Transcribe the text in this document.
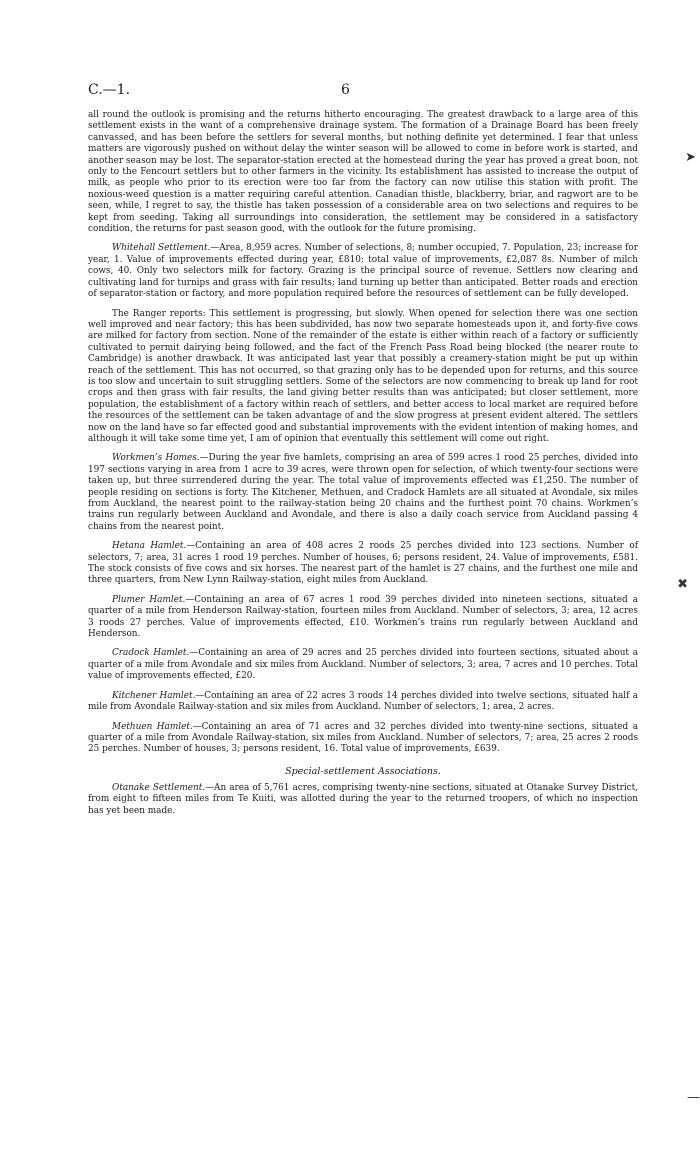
C.—1.	6

all round the outlook is promising and the returns hitherto encouraging. The greatest drawback to a large area of this settlement exists in the want of a comprehensive drainage system. The formation of a Drainage Board has been freely canvassed, and has been before the settlers for several months, but nothing definite yet determined. I fear that unless matters are vigorously pushed on without delay the winter season will be allowed to come in before work is started, and another season may be lost. The separator-station erected at the homestead during the year has proved a great boon, not only to the Fencourt settlers but to other farmers in the vicinity. Its establishment has assisted to increase the output of milk, as people who prior to its erection were too far from the factory can now utilise this station with profit. The noxious-weed question is a matter requiring careful attention. Canadian thistle, blackberry, briar, and ragwort are to be seen, while, I regret to say, the thistle has taken possession of a considerable area on two selections and requires to be kept from seeding. Taking all surroundings into consideration, the settlement may be considered in a satisfactory condition, the returns for past season good, with the outlook for the future promising.

Whitehall Settlement.—Area, 8,959 acres. Number of selections, 8; number occupied, 7. Population, 23; increase for year, 1. Value of improvements effected during year, £810; total value of improvements, £2,087 8s. Number of milch cows, 40. Only two selectors milk for factory. Grazing is the principal source of revenue. Settlers now clearing and cultivating land for turnips and grass with fair results; land turning up better than anticipated. Better roads and erection of separator-station or factory, and more population required before the resources of settlement can be fully developed.

The Ranger reports: This settlement is progressing, but slowly. When opened for selection there was one section well improved and near factory; this has been subdivided, has now two separate homesteads upon it, and forty-five cows are milked for factory from section. None of the remainder of the estate is either within reach of a factory or sufficiently cultivated to permit dairying being followed, and the fact of the French Pass Road being blocked (the nearer route to Cambridge) is another drawback. It was anticipated last year that possibly a creamery-station might be put up within reach of the settlement. This has not occurred, so that grazing only has to be depended upon for returns, and this source is too slow and uncertain to suit struggling settlers. Some of the selectors are now commencing to break up land for root crops and then grass with fair results, the land giving better results than was anticipated; but closer settlement, more population, the establishment of a factory within reach of settlers, and better access to local market are required before the resources of the settlement can be taken advantage of and the slow progress at present evident altered. The settlers now on the land have so far effected good and substantial improvements with the evident intention of making homes, and although it will take some time yet, I am of opinion that eventually this settlement will come out right.

Workmen’s Homes.—During the year five hamlets, comprising an area of 599 acres 1 rood 25 perches, divided into 197 sections varying in area from 1 acre to 39 acres, were thrown open for selection, of which twenty-four sections were taken up, but three surrendered during the year. The total value of improvements effected was £1,250. The number of people residing on sections is forty. The Kitchener, Methuen, and Cradock Hamlets are all situated at Avondale, six miles from Auckland, the nearest point to the railway-station being 20 chains and the furthest point 70 chains. Workmen’s trains run regularly between Auckland and Avondale, and there is also a daily coach service from Auckland passing 4 chains from the nearest point.

Hetana Hamlet.—Containing an area of 408 acres 2 roods 25 perches divided into 123 sections. Number of selectors, 7; area, 31 acres 1 rood 19 perches. Number of houses, 6; persons resident, 24. Value of improvements, £581. The stock consists of five cows and six horses. The nearest part of the hamlet is 27 chains, and the furthest one mile and three quarters, from New Lynn Railway-station, eight miles from Auckland.

Plumer Hamlet.—Containing an area of 67 acres 1 rood 39 perches divided into nineteen sections, situated a quarter of a mile from Henderson Railway-station, fourteen miles from Auckland. Number of selectors, 3; area, 12 acres 3 roods 27 perches. Value of improvements effected, £10. Workmen’s trains run regularly between Auckland and Henderson.

Cradock Hamlet.—Containing an area of 29 acres and 25 perches divided into fourteen sections, situated about a quarter of a mile from Avondale and six miles from Auckland. Number of selectors, 3; area, 7 acres and 10 perches. Total value of improvements effected, £20.

Kitchener Hamlet.—Containing an area of 22 acres 3 roods 14 perches divided into twelve sections, situated half a mile from Avondale Railway-station and six miles from Auckland. Number of selectors, 1; area, 2 acres.

Methuen Hamlet.—Containing an area of 71 acres and 32 perches divided into twenty-nine sections, situated a quarter of a mile from Avondale Railway-station, six miles from Auckland. Number of selectors, 7; area, 25 acres 2 roods 25 perches. Number of houses, 3; persons resident, 16. Total value of improvements, £639.

Special-settlement Associations.

Otanake Settlement.—An area of 5,761 acres, comprising twenty-nine sections, situated at Otanake Survey District, from eight to fifteen miles from Te Kuiti, was allotted during the year to the returned troopers, of which no inspection has yet been made.

➤
✖
—
